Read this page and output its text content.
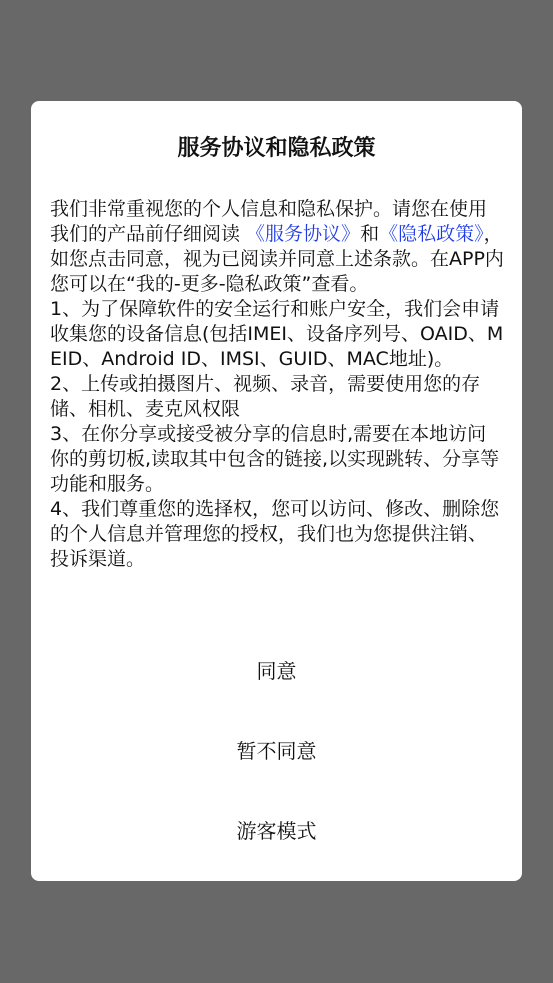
服务协议和隐私政策

我们非常重视您的个人信息和隐私保护。请您在使用我们的产品前仔细阅读 《服务协议》和《隐私政策》， 如您点击同意，视为已阅读并同意上述条款。在APP内您可以在“我的-更多-隐私政策”查看。

1、为了保障软件的安全运行和账户安全，我们会申请收集您的设备信息(包括IMEI、设备序列号、OAID、MEID、Android ID、IMSI、GUID、MAC地址)。

2、上传或拍摄图片、视频、录音，需要使用您的存储、相机、麦克风权限

3、在你分享或接受被分享的信息时,需要在本地访问你的剪切板,读取其中包含的链接,以实现跳转、分享等功能和服务。

4、我们尊重您的选择权，您可以访问、修改、删除您的个人信息并管理您的授权，我们也为您提供注销、投诉渠道。

同意
暂不同意
游客模式
